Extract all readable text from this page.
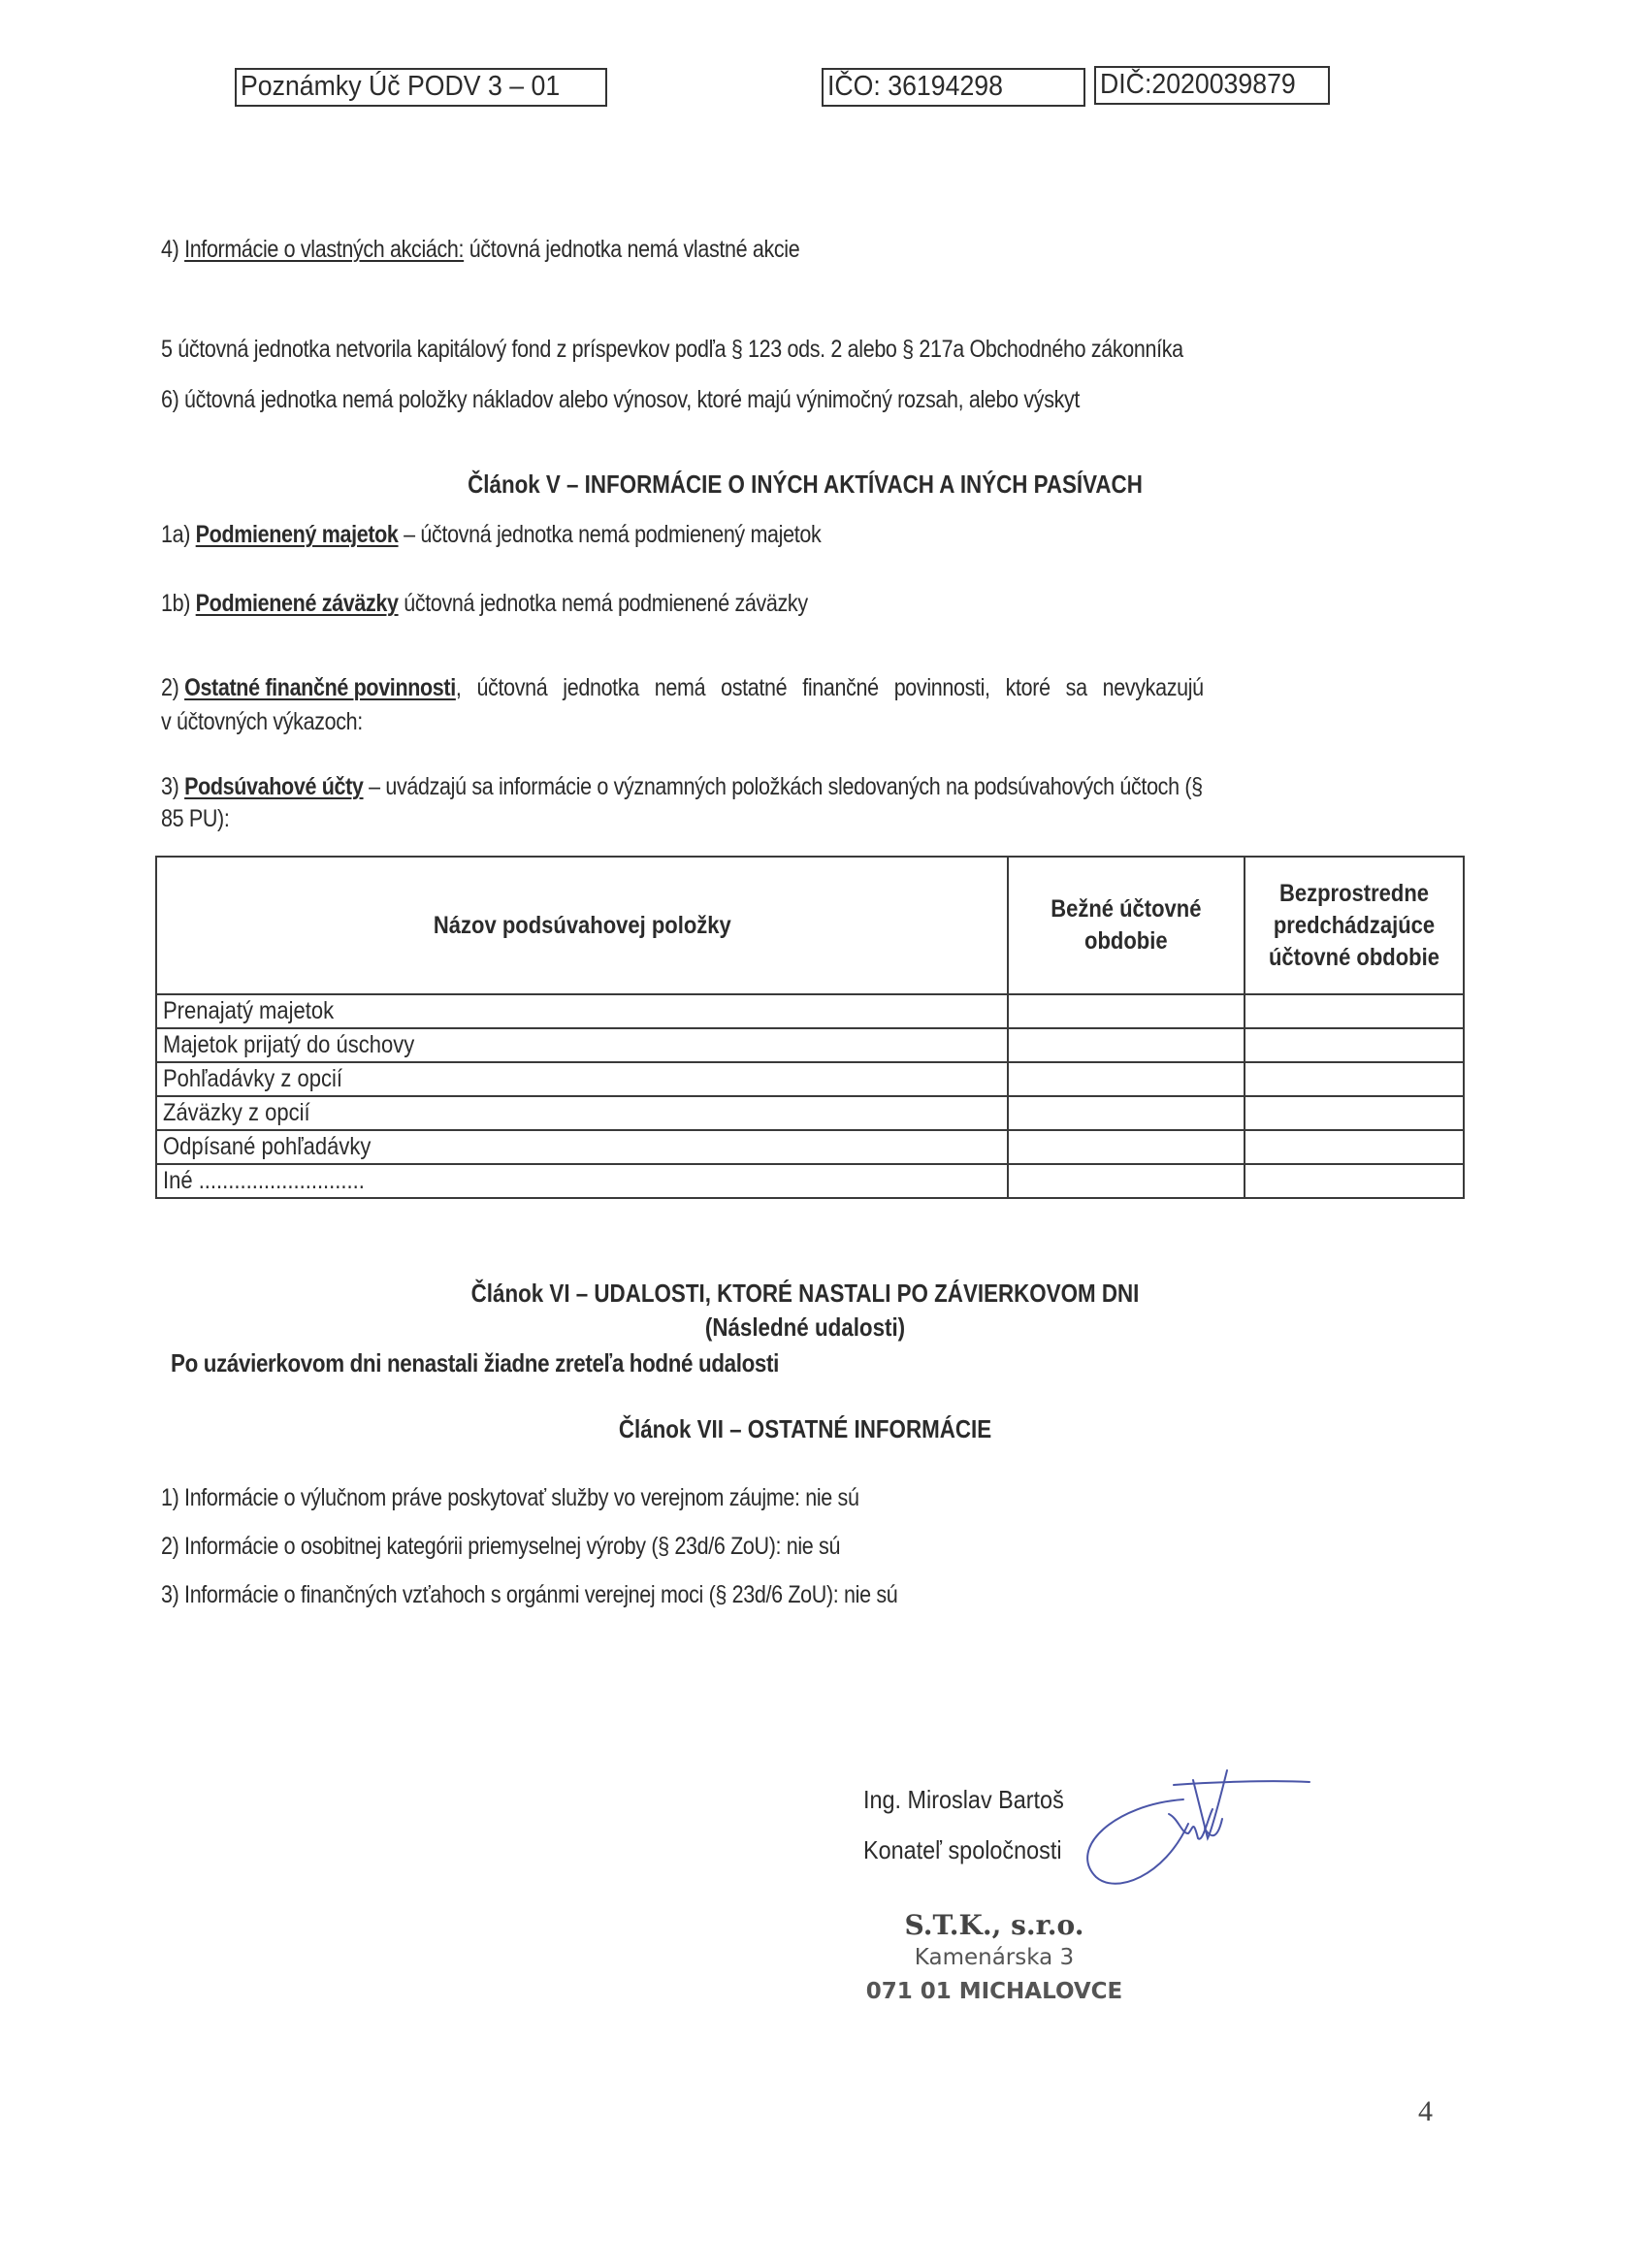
Poznámky Úč PODV 3 – 01	IČO: 36194298	DIČ:2020039879
4) Informácie o vlastných akciách: účtovná jednotka nemá vlastné akcie
5 účtovná jednotka netvorila kapitálový fond z príspevkov podľa § 123 ods. 2 alebo § 217a Obchodného zákonníka
6) účtovná jednotka nemá položky nákladov alebo výnosov, ktoré majú výnimočný rozsah, alebo výskyt
Článok V – INFORMÁCIE O INÝCH AKTÍVACH A INÝCH PASÍVACH
1a) Podmienený majetok – účtovná jednotka nemá podmienený majetok
1b) Podmienené záväzky účtovná jednotka nemá podmienené záväzky
2) Ostatné finančné povinnosti, účtovná jednotka nemá ostatné finančné povinnosti, ktoré sa nevykazujú
v účtovných výkazoch:
3) Podsúvahové účty – uvádzajú sa informácie o významných položkách sledovaných na podsúvahových účtoch (§
85 PU):
Názov podsúvahovej položky	Bežné účtovné obdobie	Bezprostredne predchádzajúce účtovné obdobie
Prenajatý majetok		
Majetok prijatý do úschovy		
Pohľadávky z opcií		
Záväzky z opcií		
Odpísané pohľadávky		
Iné ............................		
Článok VI – UDALOSTI, KTORÉ NASTALI PO ZÁVIERKOVOM DNI
(Následné udalosti)
Po uzávierkovom dni nenastali žiadne zreteľa hodné udalosti
Článok VII – OSTATNÉ INFORMÁCIE
1) Informácie o výlučnom práve poskytovať služby vo verejnom záujme: nie sú
2) Informácie o osobitnej kategórii priemyselnej výroby (§ 23d/6 ZoU): nie sú
3) Informácie o finančných vzťahoch s orgánmi verejnej moci (§ 23d/6 ZoU): nie sú
Ing. Miroslav Bartoš
Konateľ spoločnosti
S.T.K., s.r.o.
Kamenárska 3
071 01 MICHALOVCE
4
